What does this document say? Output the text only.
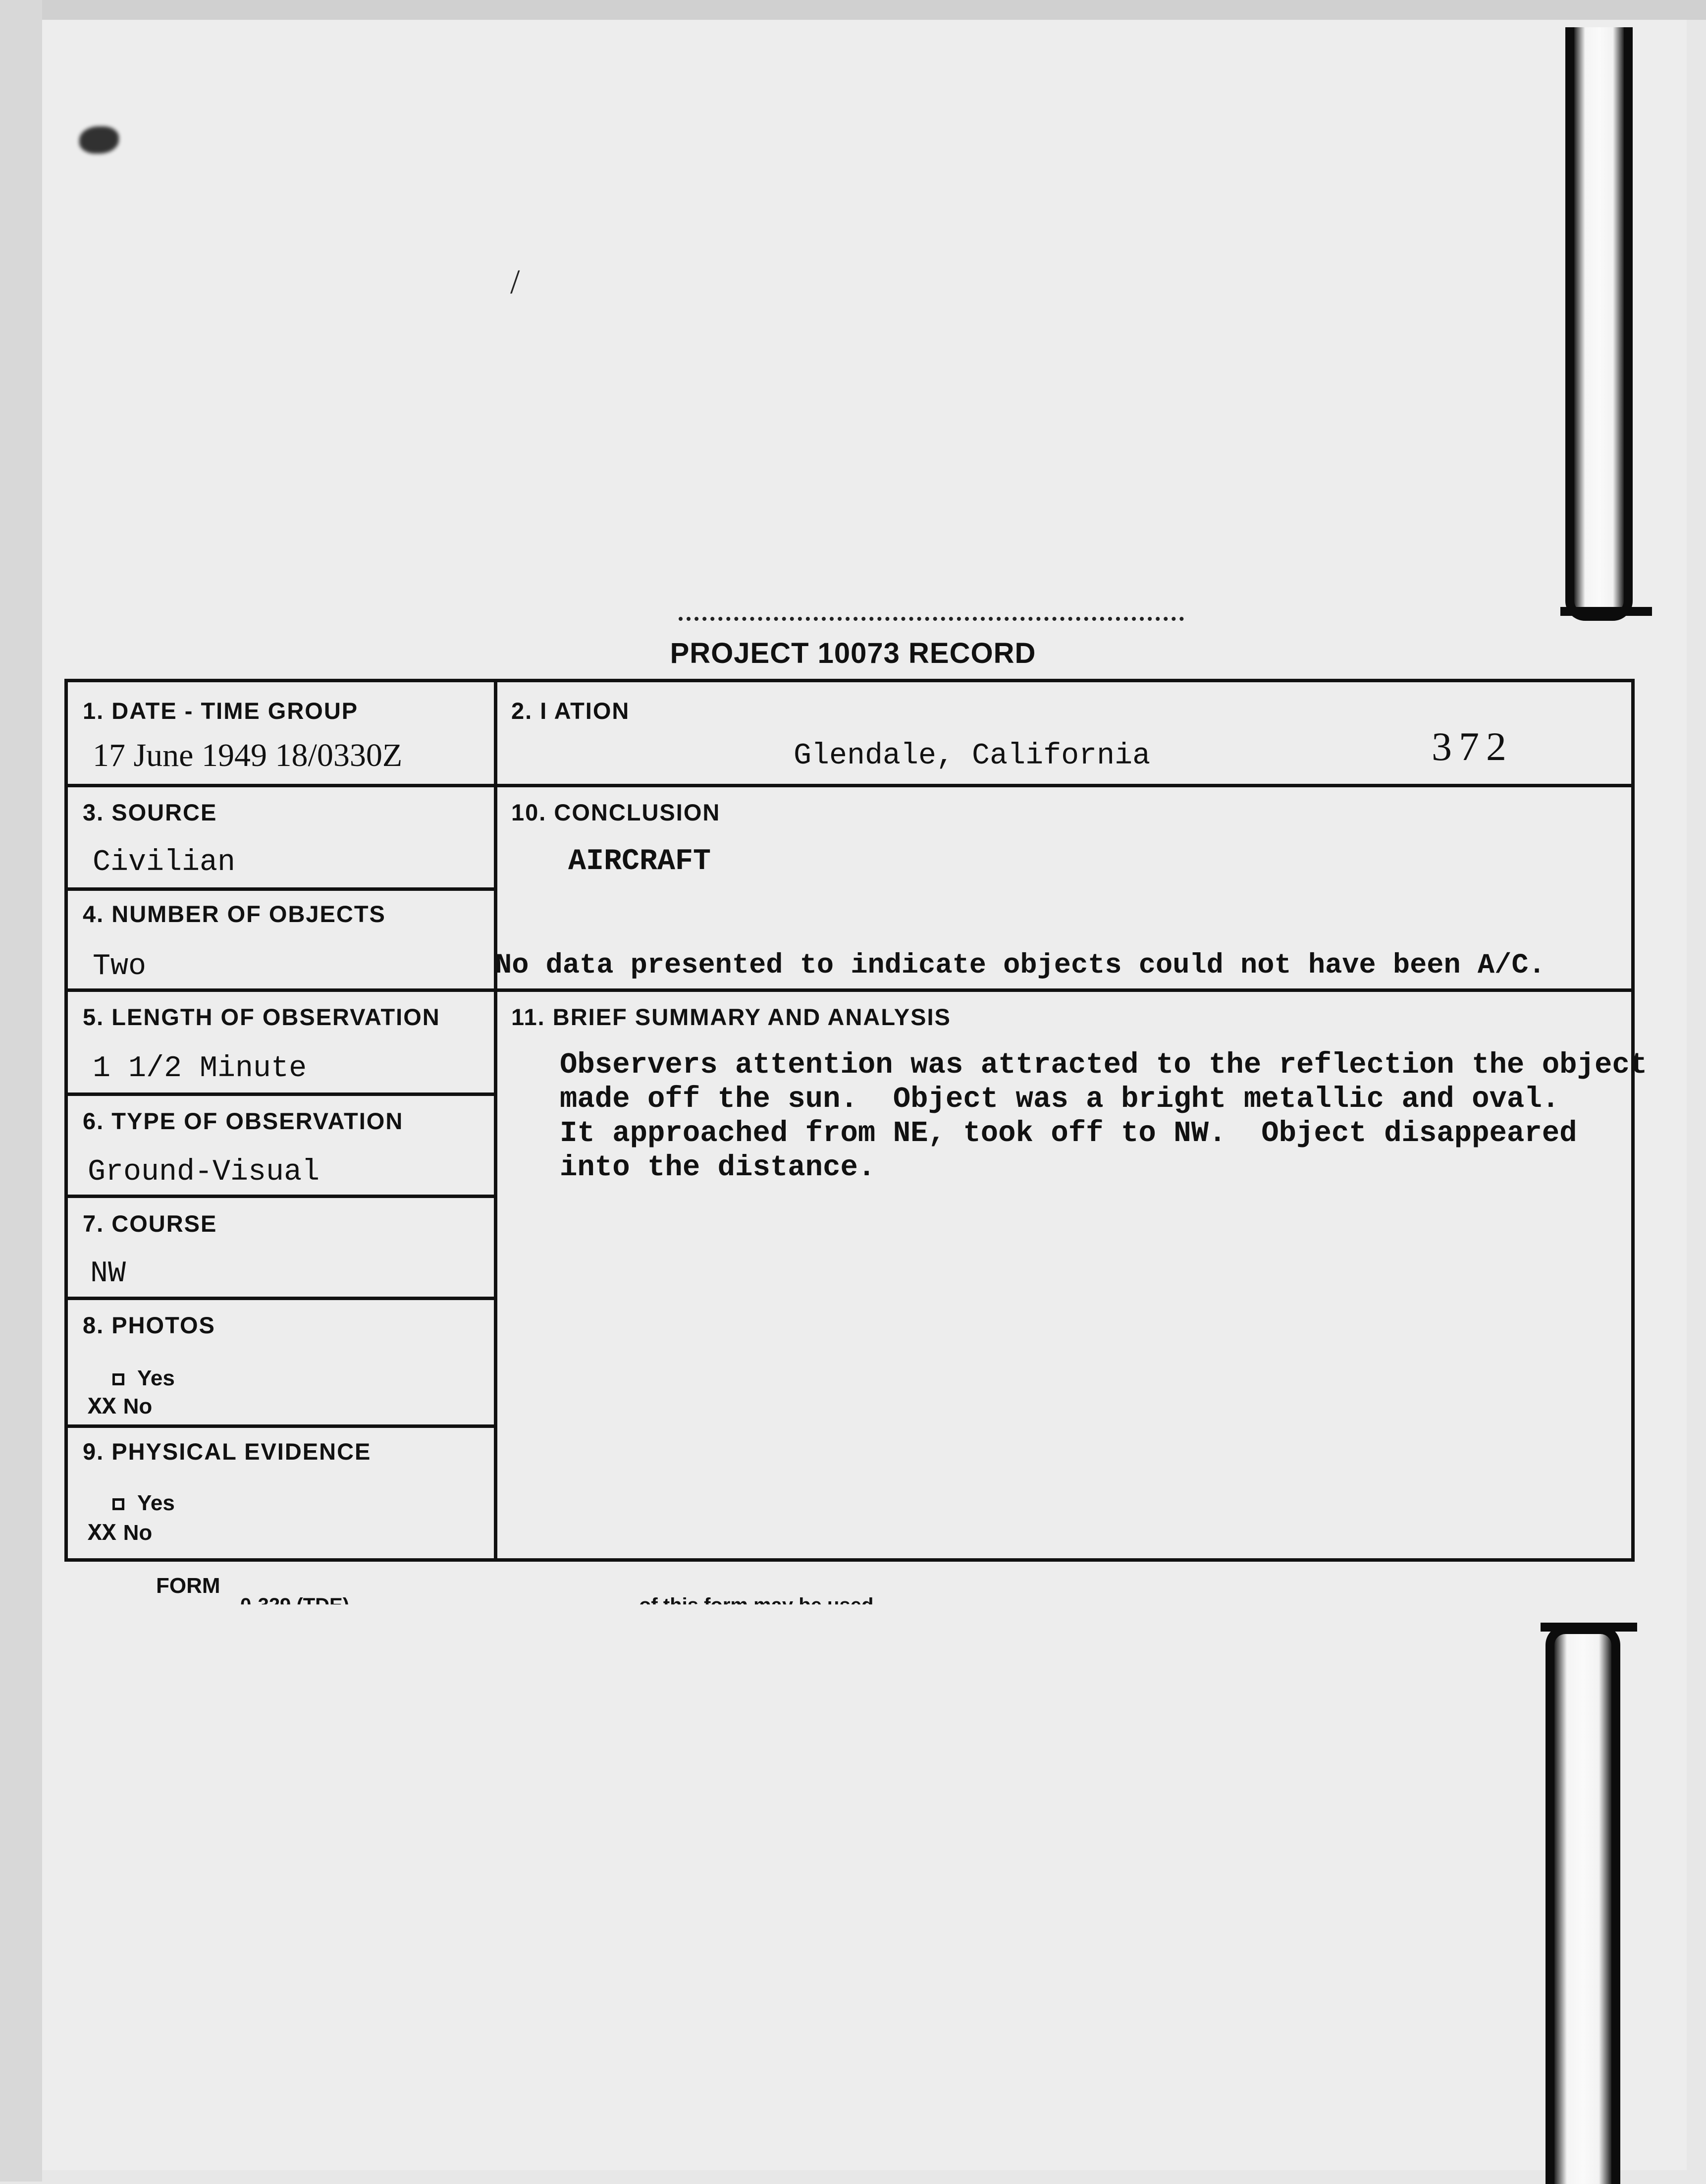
/
PROJECT 10073 RECORD
372
1. DATE - TIME GROUP
17 June 1949 18/0330Z
2. I ATION
Glendale, California
3. SOURCE
Civilian
10. CONCLUSION
AIRCRAFT
No data presented to indicate objects could not have been A/C.
4. NUMBER OF OBJECTS
Two
5. LENGTH OF OBSERVATION
1 1/2 Minute
11. BRIEF SUMMARY AND ANALYSIS
6. TYPE OF OBSERVATION
Ground-Visual
7. COURSE
NW
8. PHOTOS
Yes
XX No
9. PHYSICAL EVIDENCE
Yes
XX No
Observers attention was attracted to the reflection the object
made off the sun.  Object was a bright metallic and oval.
It approached from NE, took off to NW.  Object disappeared
into the distance.
FORM
